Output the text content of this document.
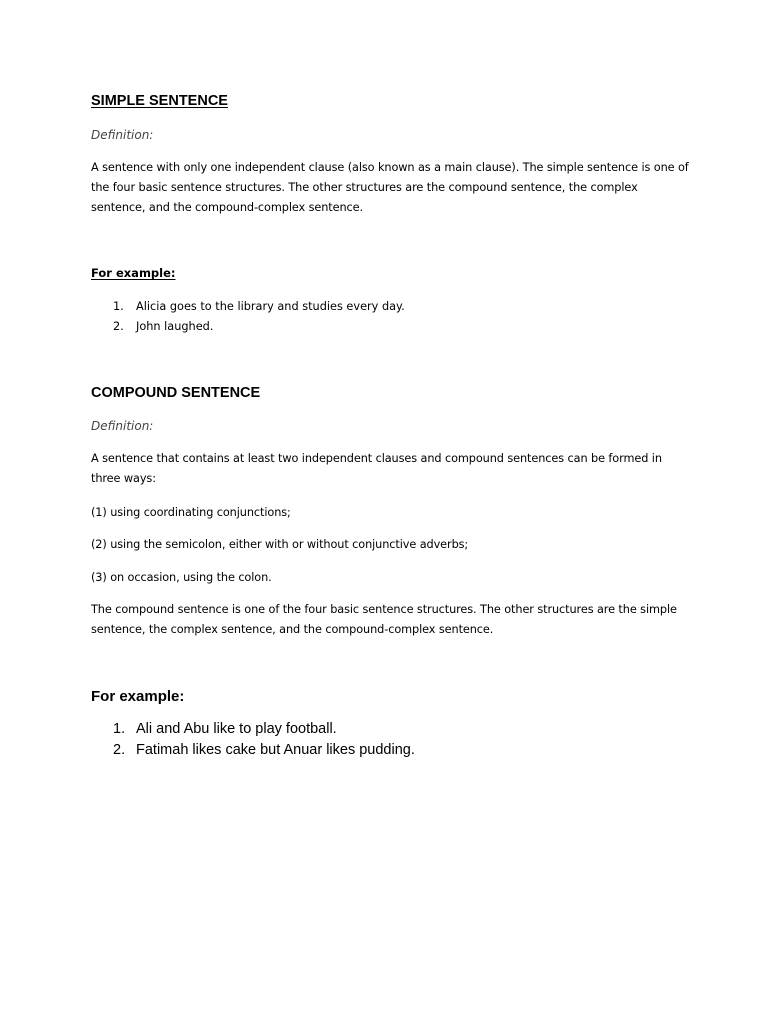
SIMPLE SENTENCE
Definition:
A sentence with only one independent clause (also known as a main clause). The simple sentence is one of the four basic sentence structures. The other structures are the compound sentence, the complex sentence, and the compound-complex sentence.
For example:
1. Alicia goes to the library and studies every day.
2. John laughed.
COMPOUND SENTENCE
Definition:
A sentence that contains at least two independent clauses and compound sentences can be formed in three ways:
(1) using coordinating conjunctions;
(2) using the semicolon, either with or without conjunctive adverbs;
(3) on occasion, using the colon.
The compound sentence is one of the four basic sentence structures. The other structures are the simple sentence, the complex sentence, and the compound-complex sentence.
For example:
1. Ali and Abu like to play football.
2. Fatimah likes cake but Anuar likes pudding.
